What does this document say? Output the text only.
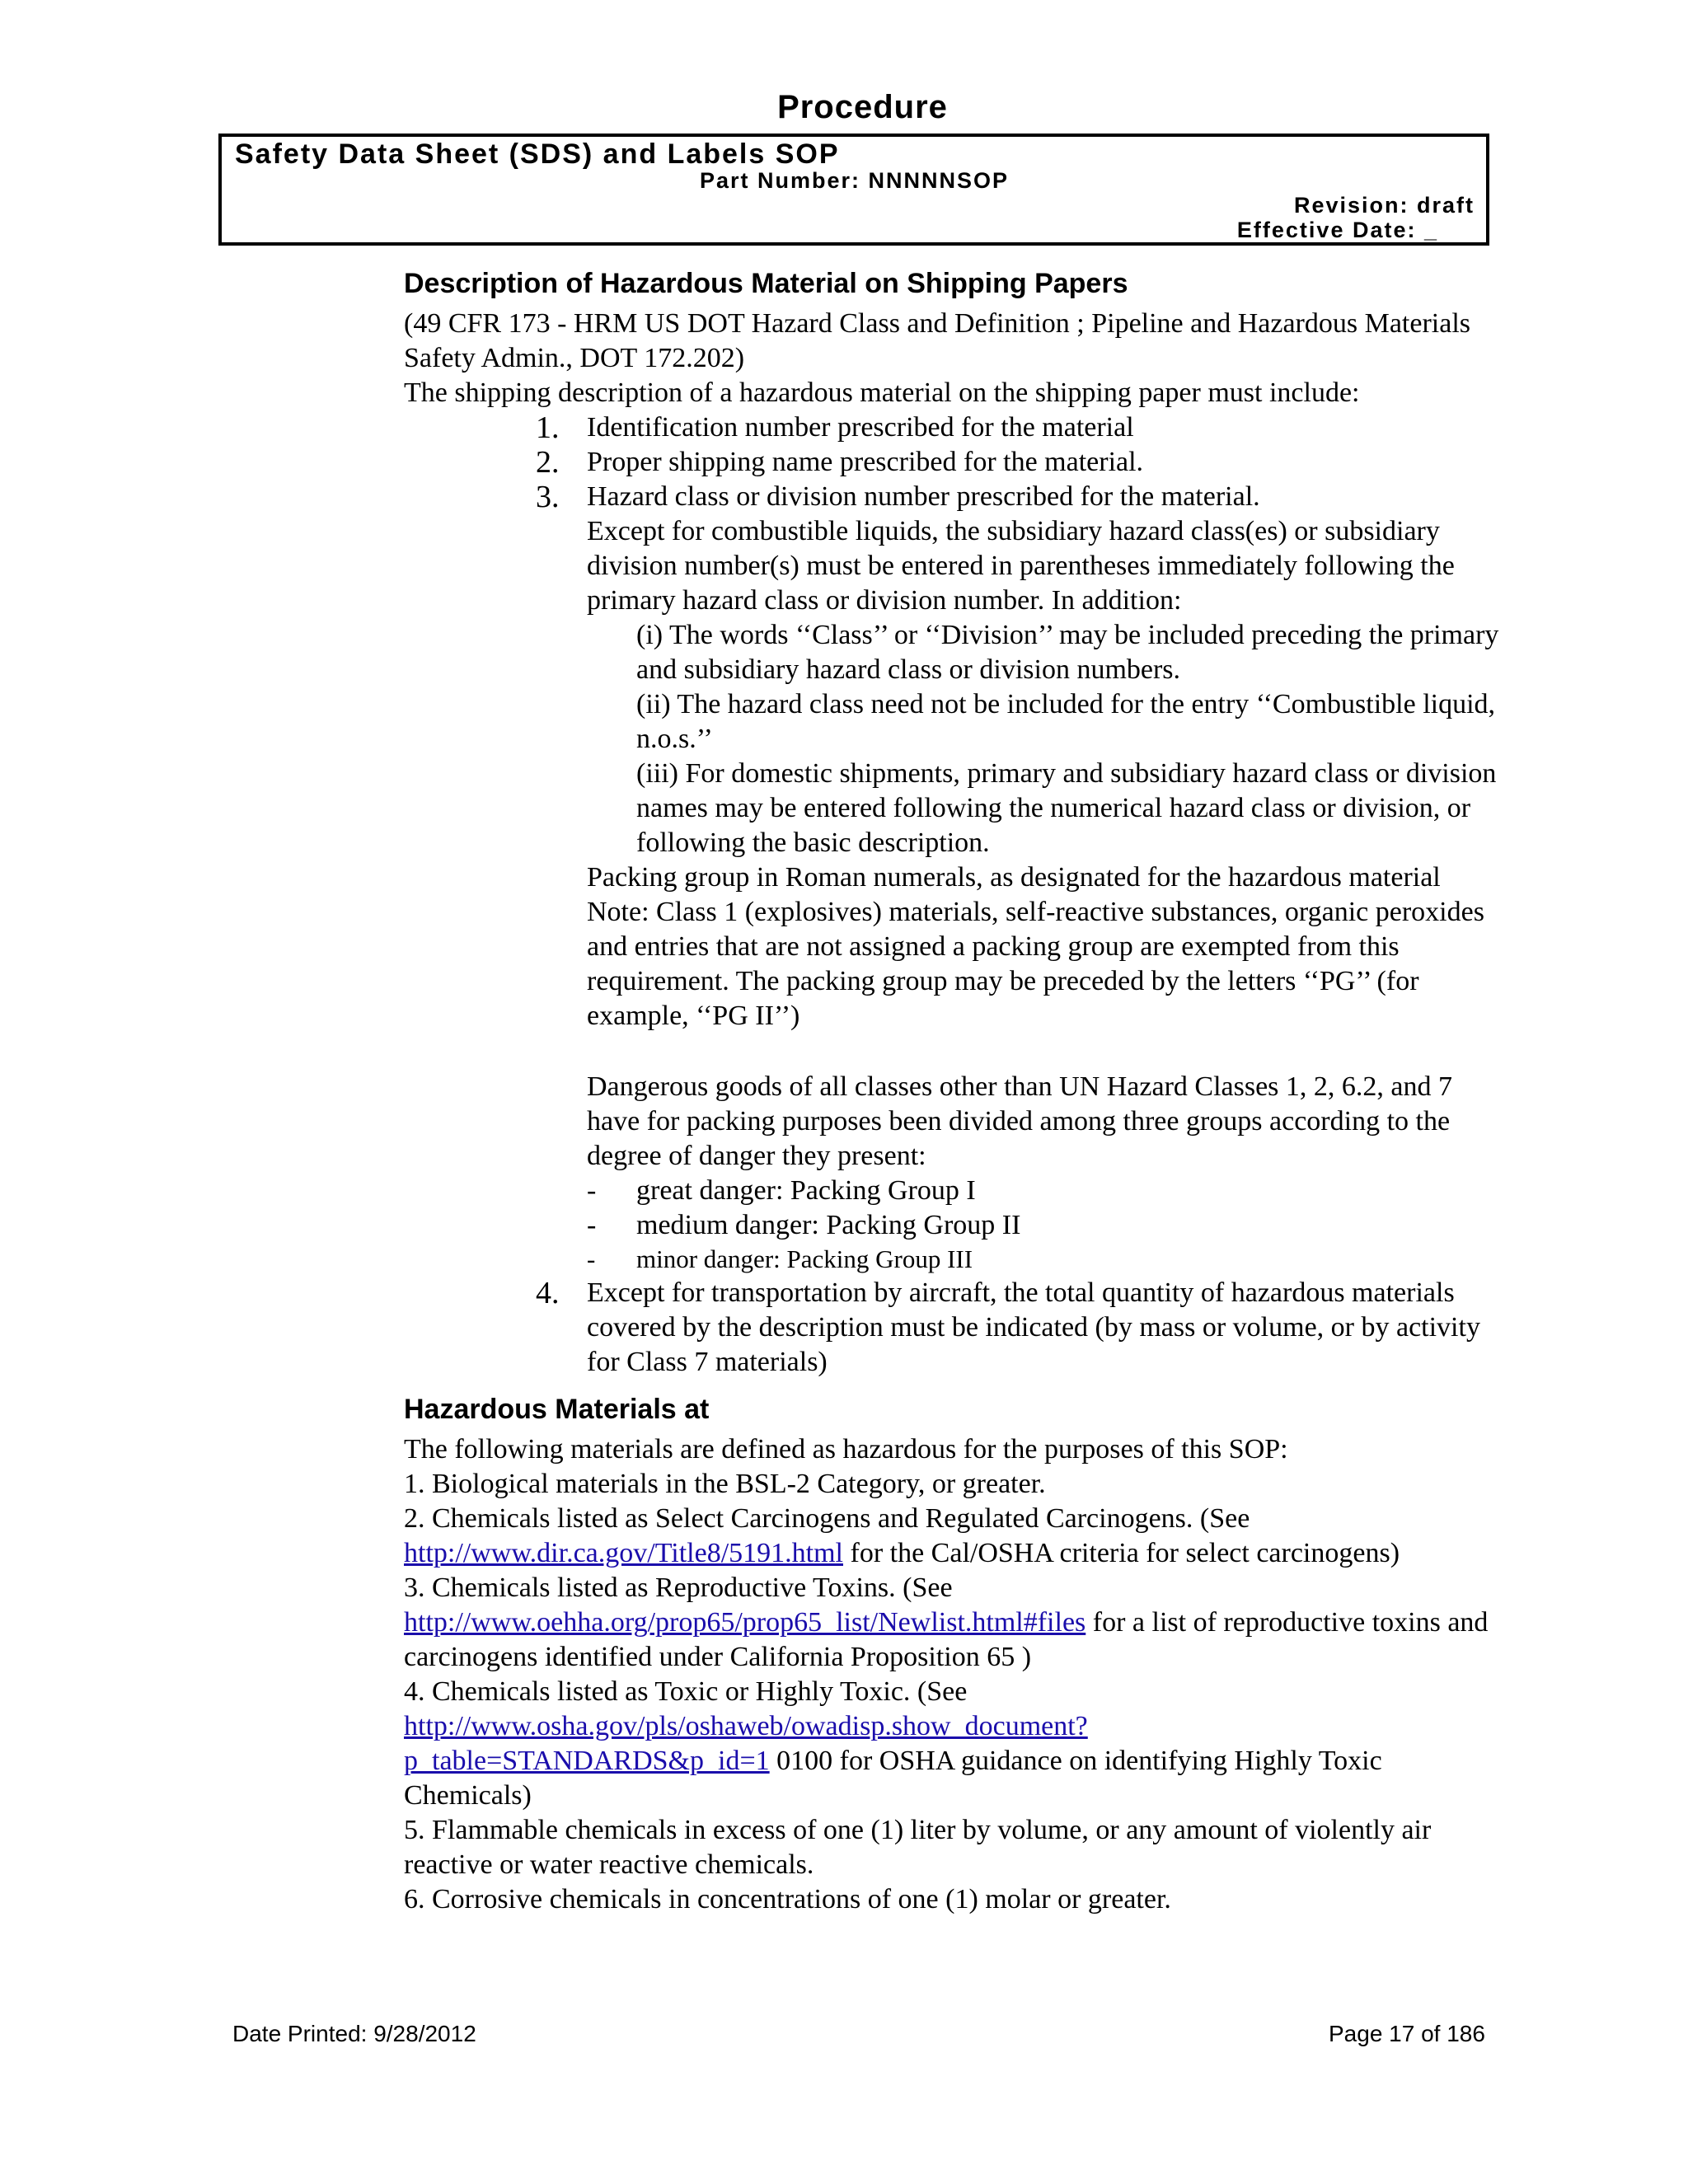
Procedure
Safety Data Sheet (SDS) and Labels SOP
Part Number: NNNNNSOP
Revision: draft
Effective Date: _
Description of Hazardous Material on Shipping Papers

(49 CFR 173 - HRM US DOT Hazard Class and Definition ; Pipeline and Hazardous Materials Safety Admin., DOT 172.202)

The shipping description of a hazardous material on the shipping paper must include:

1. Identification number prescribed for the material
2. Proper shipping name prescribed for the material.
3. Hazard class or division number prescribed for the material.
Except for combustible liquids, the subsidiary hazard class(es) or subsidiary division number(s) must be entered in parentheses immediately following the primary hazard class or division number. In addition:
(i) The words ‘‘Class’’ or ‘‘Division’’ may be included preceding the primary and subsidiary hazard class or division numbers.
(ii) The hazard class need not be included for the entry ‘‘Combustible liquid, n.o.s.’’
(iii) For domestic shipments, primary and subsidiary hazard class or division names may be entered following the numerical hazard class or division, or following the basic description.
Packing group in Roman numerals, as designated for the hazardous material Note: Class 1 (explosives) materials, self-reactive substances, organic peroxides and entries that are not assigned a packing group are exempted from this requirement. The packing group may be preceded by the letters ‘‘PG’’ (for example, ‘‘PG II’’)
Dangerous goods of all classes other than UN Hazard Classes 1, 2, 6.2, and 7 have for packing purposes been divided among three groups according to the degree of danger they present:
- great danger: Packing Group I
- medium danger: Packing Group II
- minor danger: Packing Group III
4. Except for transportation by aircraft, the total quantity of hazardous materials covered by the description must be indicated (by mass or volume, or by activity for Class 7 materials)
Hazardous Materials at

The following materials are defined as hazardous for the purposes of this SOP:

1. Biological materials in the BSL-2 Category, or greater.

2. Chemicals listed as Select Carcinogens and Regulated Carcinogens. (See
http://www.dir.ca.gov/Title8/5191.html for the Cal/OSHA criteria for select carcinogens)

3. Chemicals listed as Reproductive Toxins. (See
http://www.oehha.org/prop65/prop65_list/Newlist.html#files for a list of reproductive toxins and carcinogens identified under California Proposition 65 )

4. Chemicals listed as Toxic or Highly Toxic. (See
http://www.osha.gov/pls/oshaweb/owadisp.show_document?
p_table=STANDARDS&p_id=1 0100 for OSHA guidance on identifying Highly Toxic Chemicals)

5. Flammable chemicals in excess of one (1) liter by volume, or any amount of violently air reactive or water reactive chemicals.

6. Corrosive chemicals in concentrations of one (1) molar or greater.

Date Printed: 9/28/2012	Page 17 of 186
